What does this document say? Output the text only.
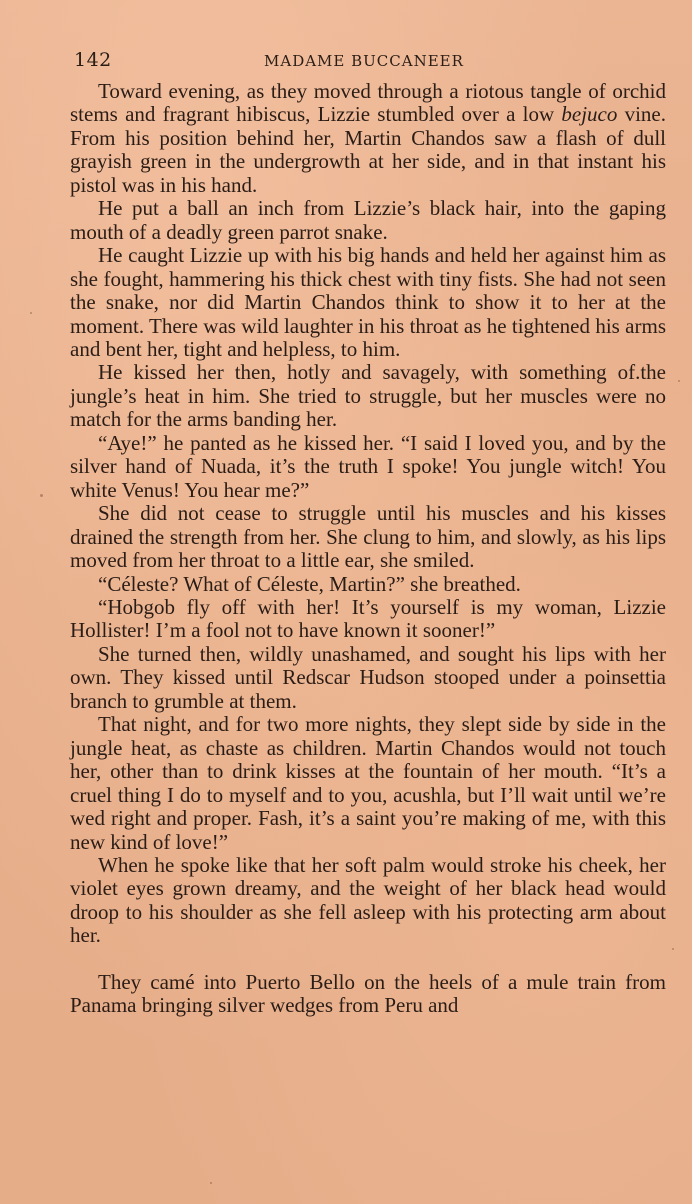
142	MADAME BUCCANEER

Toward evening, as they moved through a riotous tangle of orchid stems and fragrant hibiscus, Lizzie stumbled over a low bejuco vine. From his position behind her, Martin Chandos saw a flash of dull grayish green in the undergrowth at her side, and in that instant his pistol was in his hand.

He put a ball an inch from Lizzie’s black hair, into the gaping mouth of a deadly green parrot snake.

He caught Lizzie up with his big hands and held her against him as she fought, hammering his thick chest with tiny fists. She had not seen the snake, nor did Martin Chandos think to show it to her at the moment. There was wild laughter in his throat as he tightened his arms and bent her, tight and helpless, to him.

He kissed her then, hotly and savagely, with something of.the jungle’s heat in him. She tried to struggle, but her muscles were no match for the arms banding her.

“Aye!” he panted as he kissed her. “I said I loved you, and by the silver hand of Nuada, it’s the truth I spoke! You jungle witch! You white Venus! You hear me?”

She did not cease to struggle until his muscles and his kisses drained the strength from her. She clung to him, and slowly, as his lips moved from her throat to a little ear, she smiled.

“Céleste? What of Céleste, Martin?” she breathed.

“Hobgob fly off with her! It’s yourself is my woman, Lizzie Hollister! I’m a fool not to have known it sooner!”

She turned then, wildly unashamed, and sought his lips with her own. They kissed until Redscar Hudson stooped under a poinsettia branch to grumble at them.

That night, and for two more nights, they slept side by side in the jungle heat, as chaste as children. Martin Chandos would not touch her, other than to drink kisses at the fountain of her mouth. “It’s a cruel thing I do to myself and to you, acushla, but I’ll wait until we’re wed right and proper. Fash, it’s a saint you’re making of me, with this new kind of love!”

When he spoke like that her soft palm would stroke his cheek, her violet eyes grown dreamy, and the weight of her black head would droop to his shoulder as she fell asleep with his protecting arm about her.

They camé into Puerto Bello on the heels of a mule train from Panama bringing silver wedges from Peru and
